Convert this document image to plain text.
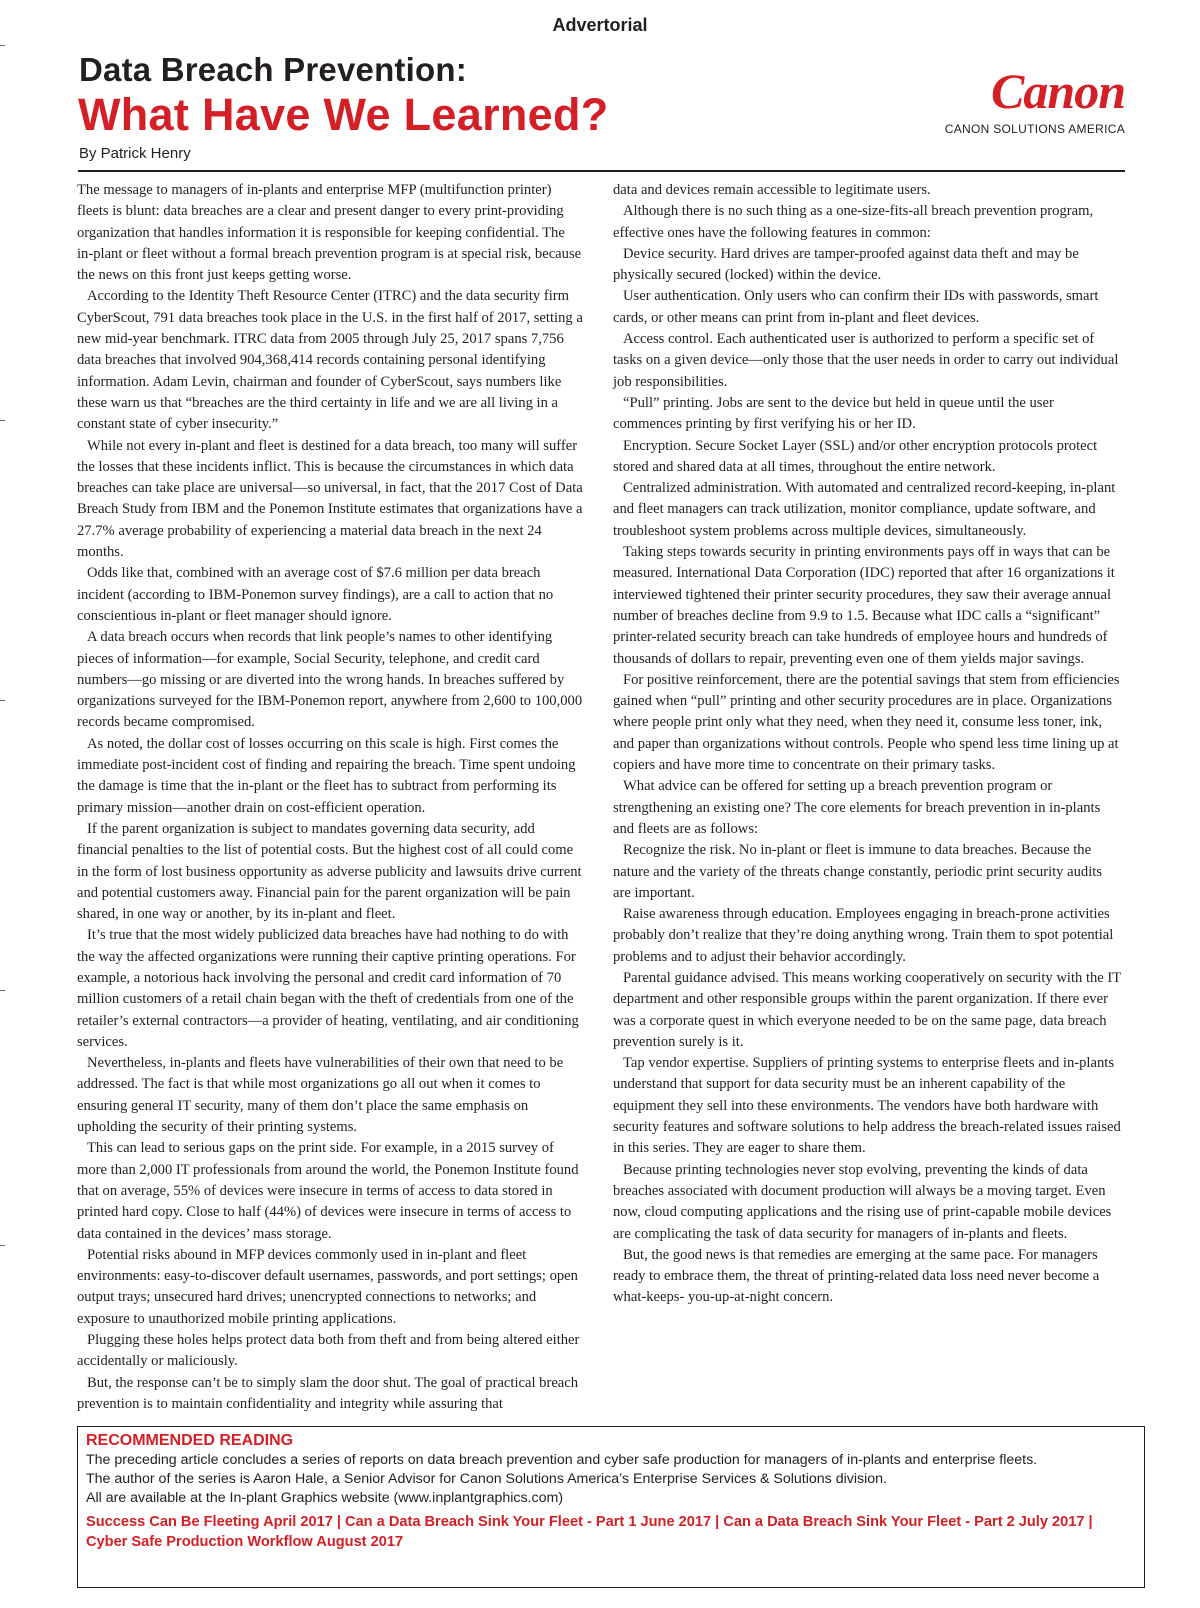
Advertorial
Data Breach Prevention:
What Have We Learned?
By Patrick Henry
Canon
CANON SOLUTIONS AMERICA

The message to managers of in-plants and enterprise MFP (multifunction printer) fleets is blunt: data breaches are a clear and present danger to every print-providing organization that handles information it is responsible for keeping confidential. The in-plant or fleet without a formal breach prevention program is at special risk, because the news on this front just keeps getting worse.

According to the Identity Theft Resource Center (ITRC) and the data security firm CyberScout, 791 data breaches took place in the U.S. in the first half of 2017, setting a new mid-year benchmark. ITRC data from 2005 through July 25, 2017 spans 7,756 data breaches that involved 904,368,414 records containing personal identifying information. Adam Levin, chairman and founder of CyberScout, says numbers like these warn us that “breaches are the third certainty in life and we are all living in a constant state of cyber insecurity.”

While not every in-plant and fleet is destined for a data breach, too many will suffer the losses that these incidents inflict. This is because the circumstances in which data breaches can take place are universal—so universal, in fact, that the 2017 Cost of Data Breach Study from IBM and the Ponemon Institute estimates that organizations have a 27.7% average probability of experiencing a material data breach in the next 24 months.

Odds like that, combined with an average cost of $7.6 million per data breach incident (according to IBM-Ponemon survey findings), are a call to action that no conscientious in-plant or fleet manager should ignore.

A data breach occurs when records that link people’s names to other identifying pieces of information—for example, Social Security, telephone, and credit card numbers—go missing or are diverted into the wrong hands. In breaches suffered by organizations surveyed for the IBM-Ponemon report, anywhere from 2,600 to 100,000 records became compromised.

As noted, the dollar cost of losses occurring on this scale is high. First comes the immediate post-incident cost of finding and repairing the breach. Time spent undoing the damage is time that the in-plant or the fleet has to subtract from performing its primary mission—another drain on cost-efficient operation.

If the parent organization is subject to mandates governing data security, add financial penalties to the list of potential costs. But the highest cost of all could come in the form of lost business opportunity as adverse publicity and lawsuits drive current and potential customers away. Financial pain for the parent organization will be pain shared, in one way or another, by its in-plant and fleet.

It’s true that the most widely publicized data breaches have had nothing to do with the way the affected organizations were running their captive printing operations. For example, a notorious hack involving the personal and credit card information of 70 million customers of a retail chain began with the theft of credentials from one of the retailer’s external contractors—a provider of heating, ventilating, and air conditioning services.

Nevertheless, in-plants and fleets have vulnerabilities of their own that need to be addressed. The fact is that while most organizations go all out when it comes to ensuring general IT security, many of them don’t place the same emphasis on upholding the security of their printing systems.

This can lead to serious gaps on the print side. For example, in a 2015 survey of more than 2,000 IT professionals from around the world, the Ponemon Institute found that on average, 55% of devices were insecure in terms of access to data stored in printed hard copy. Close to half (44%) of devices were insecure in terms of access to data contained in the devices’ mass storage.

Potential risks abound in MFP devices commonly used in in-plant and fleet environments: easy-to-discover default usernames, passwords, and port settings; open output trays; unsecured hard drives; unencrypted connections to networks; and exposure to unauthorized mobile printing applications.

Plugging these holes helps protect data both from theft and from being altered either accidentally or maliciously.

But, the response can’t be to simply slam the door shut. The goal of practical breach prevention is to maintain confidentiality and integrity while assuring that

data and devices remain accessible to legitimate users.

Although there is no such thing as a one-size-fits-all breach prevention program, effective ones have the following features in common:

Device security. Hard drives are tamper-proofed against data theft and may be physically secured (locked) within the device.

User authentication. Only users who can confirm their IDs with passwords, smart cards, or other means can print from in-plant and fleet devices.

Access control. Each authenticated user is authorized to perform a specific set of tasks on a given device—only those that the user needs in order to carry out individual job responsibilities.

“Pull” printing. Jobs are sent to the device but held in queue until the user commences printing by first verifying his or her ID.

Encryption. Secure Socket Layer (SSL) and/or other encryption protocols protect stored and shared data at all times, throughout the entire network.

Centralized administration. With automated and centralized record-keeping, in-plant and fleet managers can track utilization, monitor compliance, update software, and troubleshoot system problems across multiple devices, simultaneously.

Taking steps towards security in printing environments pays off in ways that can be measured. International Data Corporation (IDC) reported that after 16 organizations it interviewed tightened their printer security procedures, they saw their average annual number of breaches decline from 9.9 to 1.5. Because what IDC calls a “significant” printer-related security breach can take hundreds of employee hours and hundreds of thousands of dollars to repair, preventing even one of them yields major savings.

For positive reinforcement, there are the potential savings that stem from efficiencies gained when “pull” printing and other security procedures are in place. Organizations where people print only what they need, when they need it, consume less toner, ink, and paper than organizations without controls. People who spend less time lining up at copiers and have more time to concentrate on their primary tasks.

What advice can be offered for setting up a breach prevention program or strengthening an existing one? The core elements for breach prevention in in-plants and fleets are as follows:

Recognize the risk. No in-plant or fleet is immune to data breaches. Because the nature and the variety of the threats change constantly, periodic print security audits are important.

Raise awareness through education. Employees engaging in breach-prone activities probably don’t realize that they’re doing anything wrong. Train them to spot potential problems and to adjust their behavior accordingly.

Parental guidance advised. This means working cooperatively on security with the IT department and other responsible groups within the parent organization. If there ever was a corporate quest in which everyone needed to be on the same page, data breach prevention surely is it.

Tap vendor expertise. Suppliers of printing systems to enterprise fleets and in-plants understand that support for data security must be an inherent capability of the equipment they sell into these environments. The vendors have both hardware with security features and software solutions to help address the breach-related issues raised in this series. They are eager to share them.

Because printing technologies never stop evolving, preventing the kinds of data breaches associated with document production will always be a moving target. Even now, cloud computing applications and the rising use of print-capable mobile devices are complicating the task of data security for managers of in-plants and fleets.

But, the good news is that remedies are emerging at the same pace. For managers ready to embrace them, the threat of printing-related data loss need never become a what-keeps- you-up-at-night concern.

RECOMMENDED READING

The preceding article concludes a series of reports on data breach prevention and cyber safe production for managers of in-plants and enterprise fleets.

The author of the series is Aaron Hale, a Senior Advisor for Canon Solutions America’s Enterprise Services & Solutions division.

All are available at the In-plant Graphics website (www.inplantgraphics.com)

Success Can Be Fleeting April 2017 | Can a Data Breach Sink Your Fleet - Part 1 June 2017 | Can a Data Breach Sink Your Fleet - Part 2 July 2017 |
Cyber Safe Production Workflow August 2017
